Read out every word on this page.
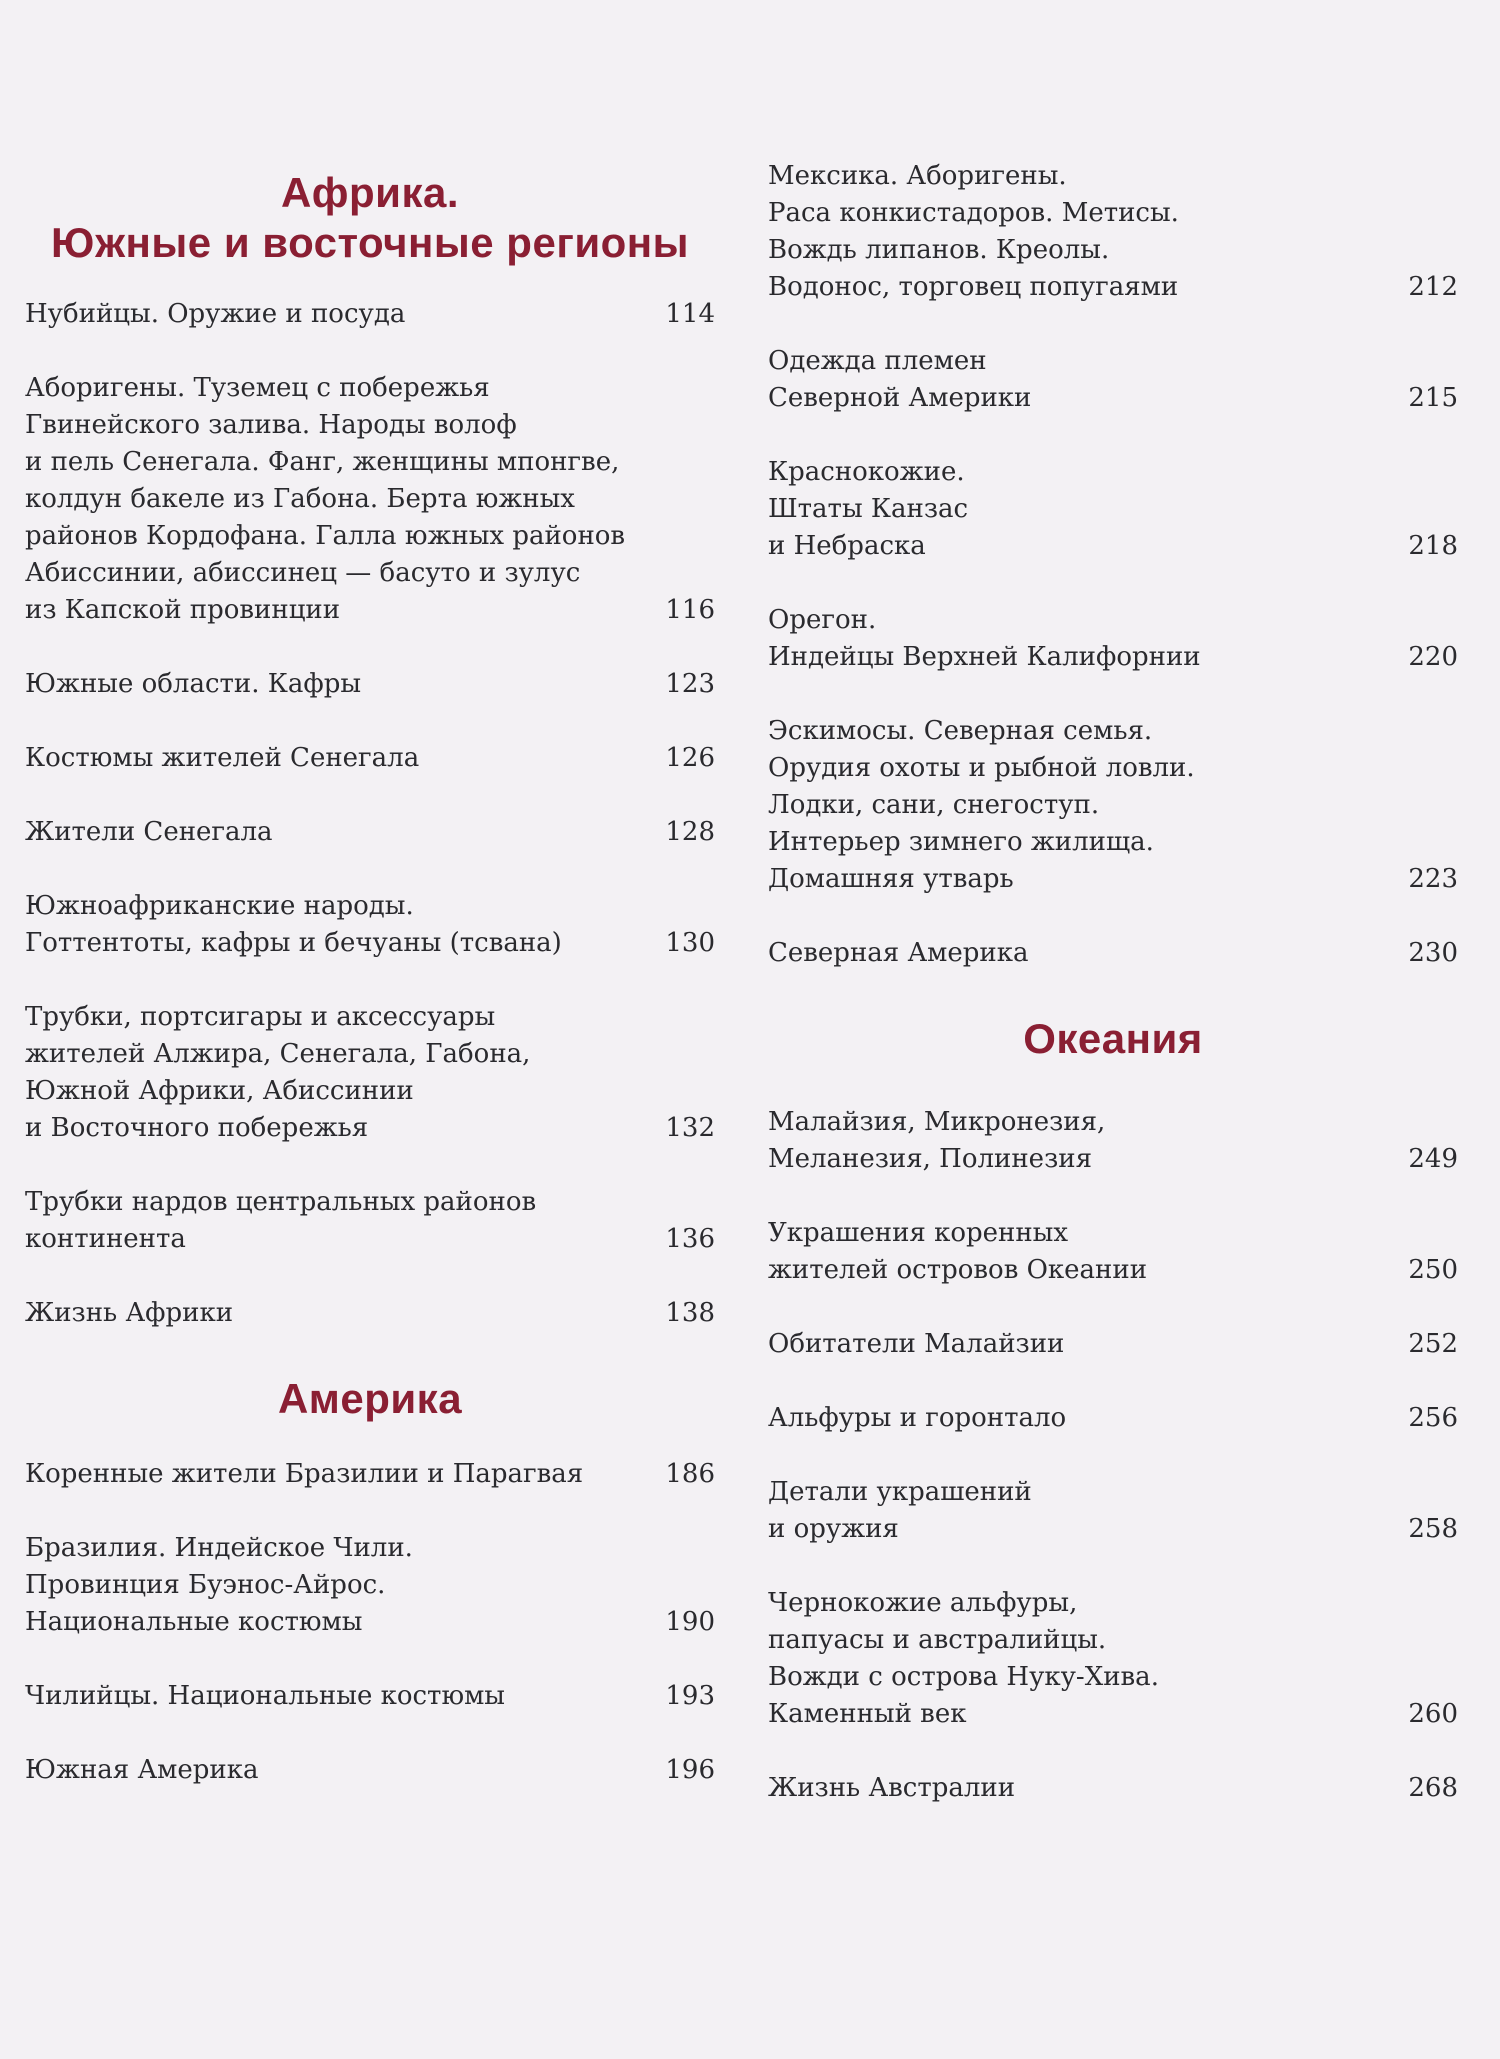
Африка.
Южные и восточные регионы
Нубийцы. Оружие и посуда	114
Аборигены. Туземец с побережья
Гвинейского залива. Народы волоф
и пель Сенегала. Фанг, женщины мпонгве,
колдун бакеле из Габона. Берта южных
районов Кордофана. Галла южных районов
Абиссинии, абиссинец — басуто и зулус
из Капской провинции	116
Южные области. Кафры	123
Костюмы жителей Сенегала	126
Жители Сенегала	128
Южноафриканские народы.
Готтентоты, кафры и бечуаны (тсвана)	130
Трубки, портсигары и аксессуары
жителей Алжира, Сенегала, Габона,
Южной Африки, Абиссинии
и Восточного побережья	132
Трубки нардов центральных районов
континента	136
Жизнь Африки	138
Америка
Коренные жители Бразилии и Парагвая	186
Бразилия. Индейское Чили.
Провинция Буэнос-Айрос.
Национальные костюмы	190
Чилийцы. Национальные костюмы	193
Южная Америка	196
Мексика. Аборигены.
Раса конкистадоров. Метисы.
Вождь липанов. Креолы.
Водонос, торговец попугаями	212
Одежда племен
Северной Америки	215
Краснокожие.
Штаты Канзас
и Небраска	218
Орегон.
Индейцы Верхней Калифорнии	220
Эскимосы. Северная семья.
Орудия охоты и рыбной ловли.
Лодки, сани, снегоступ.
Интерьер зимнего жилища.
Домашняя утварь	223
Северная Америка	230
Океания
Малайзия, Микронезия,
Меланезия, Полинезия	249
Украшения коренных
жителей островов Океании	250
Обитатели Малайзии	252
Альфуры и горонтало	256
Детали украшений
и оружия	258
Чернокожие альфуры,
папуасы и австралийцы.
Вожди с острова Нуку-Хива.
Каменный век	260
Жизнь Австралии	268
